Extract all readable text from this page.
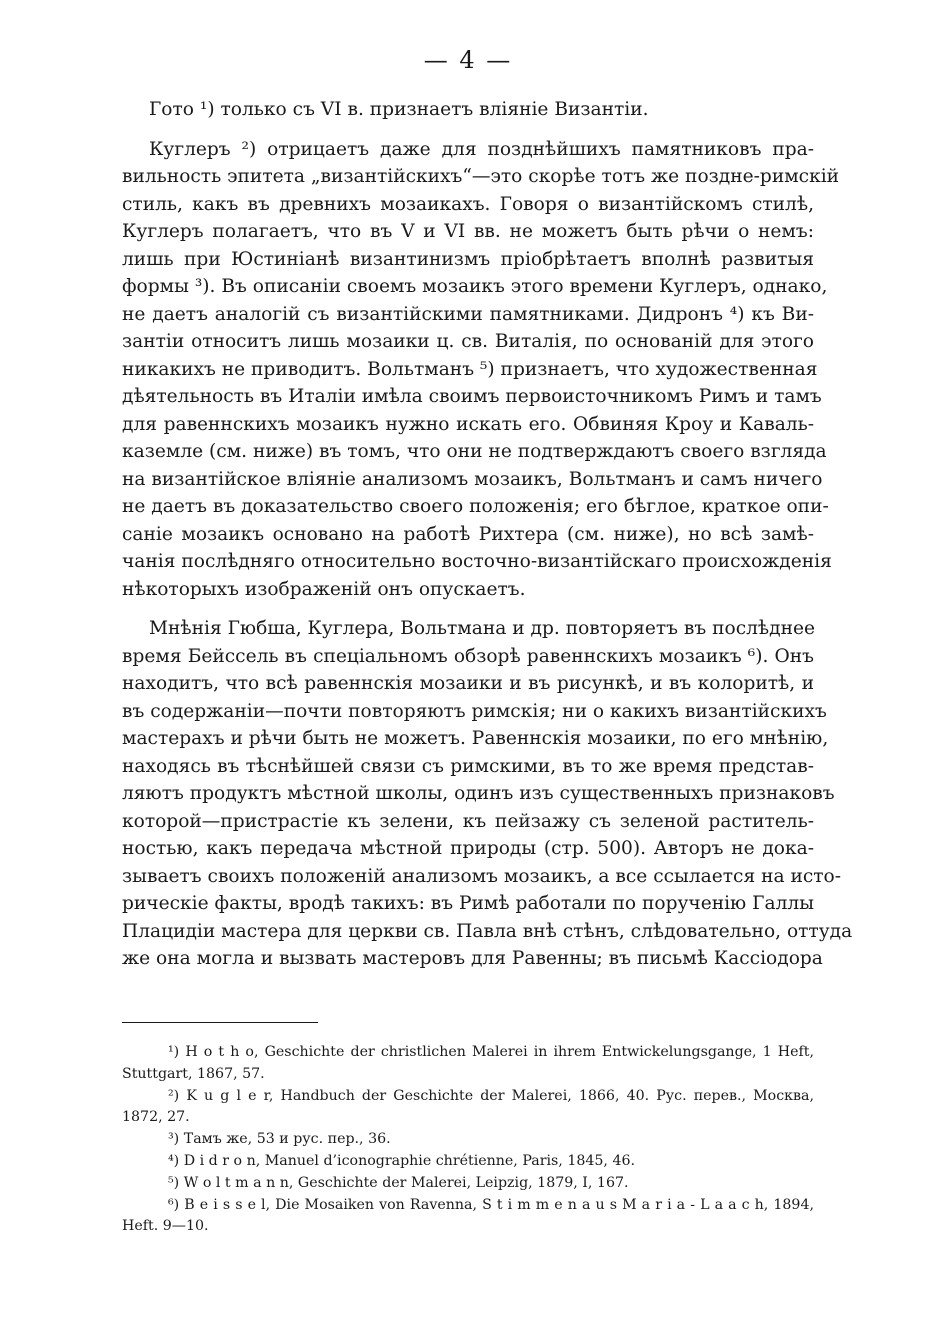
— 4 —
Гото ¹) только съ VI в. признаетъ вліяніе Византіи.
Куглеръ ²) отрицаетъ даже для позднѣйшихъ памятниковъ пра-
вильность эпитета „византійскихъ“—это скорѣе тотъ же поздне-римскій
стиль, какъ въ древнихъ мозаикахъ. Говоря о византійскомъ стилѣ,
Куглеръ полагаетъ, что въ V и VI вв. не можетъ быть рѣчи о немъ:
лишь при Юстиніанѣ византинизмъ пріобрѣтаетъ вполнѣ развитыя
формы ³). Въ описаніи своемъ мозаикъ этого времени Куглеръ, однако,
не даетъ аналогій съ византійскими памятниками. Дидронъ ⁴) къ Ви-
зантіи относитъ лишь мозаики ц. св. Виталія, по основаній для этого
никакихъ не приводитъ. Вольтманъ ⁵) признаетъ, что художественная
дѣятельность въ Италіи имѣла своимъ первоисточникомъ Римъ и тамъ
для равеннскихъ мозаикъ нужно искать его. Обвиняя Кроу и Каваль-
каземле (см. ниже) въ томъ, что они не подтверждаютъ своего взгляда
на византійское вліяніе анализомъ мозаикъ, Вольтманъ и самъ ничего
не даетъ въ доказательство своего положенія; его бѣглое, краткое опи-
саніе мозаикъ основано на работѣ Рихтера (см. ниже), но всѣ замѣ-
чанія послѣдняго относительно восточно-византійскаго происхожденія
нѣкоторыхъ изображеній онъ опускаетъ.
Мнѣнія Гюбша, Куглера, Вольтмана и др. повторяетъ въ послѣднее
время Бейссель въ спеціальномъ обзорѣ равеннскихъ мозаикъ ⁶). Онъ
находитъ, что всѣ равеннскія мозаики и въ рисункѣ, и въ колоритѣ, и
въ содержаніи—почти повторяютъ римскія; ни о какихъ византійскихъ
мастерахъ и рѣчи быть не можетъ. Равеннскія мозаики, по его мнѣнію,
находясь въ тѣснѣйшей связи съ римскими, въ то же время представ-
ляютъ продуктъ мѣстной школы, одинъ изъ существенныхъ признаковъ
которой—пристрастіе къ зелени, къ пейзажу съ зеленой раститель-
ностью, какъ передача мѣстной природы (стр. 500). Авторъ не дока-
зываетъ своихъ положеній анализомъ мозаикъ, а все ссылается на исто-
рическіе факты, вродѣ такихъ: въ Римѣ работали по порученію Галлы
Плацидіи мастера для церкви св. Павла внѣ стѣнъ, слѣдовательно, оттуда
же она могла и вызвать мастеровъ для Равенны; въ письмѣ Кассіодора
¹) H o t h o, Geschichte der christlichen Malerei in ihrem Entwickelungsgange, 1 Heft,
Stuttgart, 1867, 57.
²) K u g l e r, Handbuch der Geschichte der Malerei, 1866, 40. Рус. перев., Москва,
1872, 27.
³) Тамъ же, 53 и рус. пер., 36.
⁴) D i d r o n, Manuel d’iconographie chrétienne, Paris, 1845, 46.
⁵) W o l t m a n n, Geschichte der Malerei, Leipzig, 1879, I, 167.
⁶) B e i s s e l, Die Mosaiken von Ravenna, S t i m m e n a u s M a r i a - L a a c h, 1894,
Heft. 9—10.
